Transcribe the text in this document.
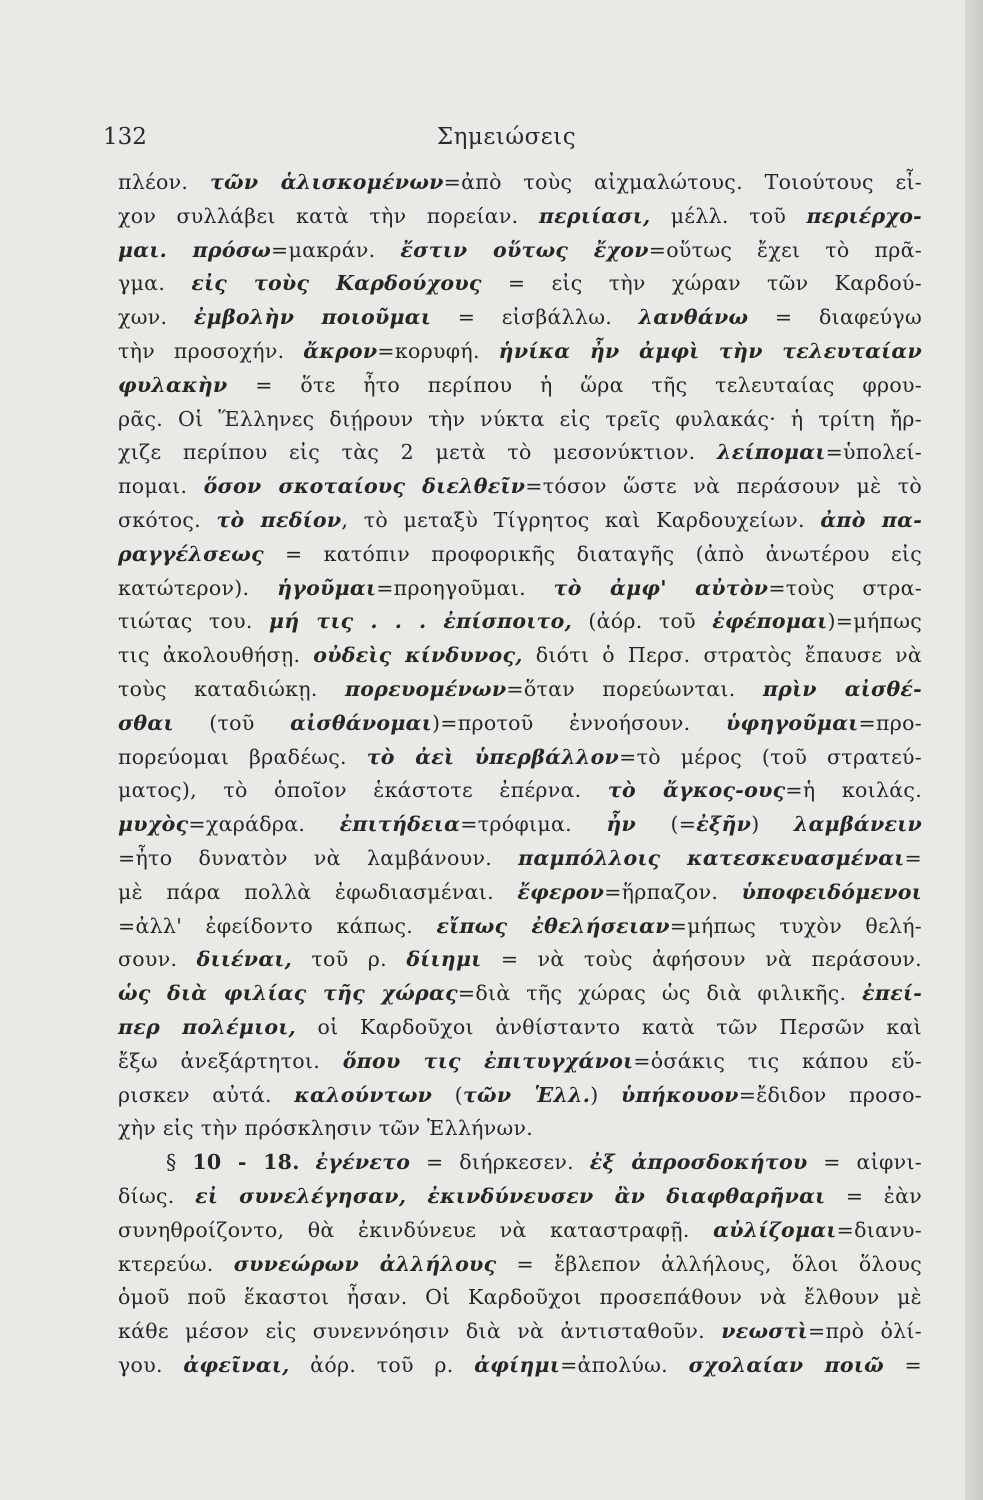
132	Σημειώσεις
πλέον. τῶν ἁλισκομένων=ἀπὸ τοὺς αἰχμαλώτους. Τοιούτους εἶ-
χον συλλάβει κατὰ τὴν πορείαν. περιίασι, μέλλ. τοῦ περιέρχο-
μαι. πρόσω=μακράν. ἔστιν οὕτως ἔχον=οὕτως ἔχει τὸ πρᾶ-
γμα. εἰς τοὺς Καρδούχους = εἰς τὴν χώραν τῶν Καρδού-
χων. ἐμβολὴν ποιοῦμαι = εἰσβάλλω. λανθάνω = διαφεύγω
τὴν προσοχήν. ἄκρον=κορυφή. ἡνίκα ἦν ἀμφὶ τὴν τελευταίαν
φυλακὴν = ὅτε ἦτο περίπου ἡ ὥρα τῆς τελευταίας φρου-
ρᾶς. Οἱ Ἕλληνες διῄρουν τὴν νύκτα εἰς τρεῖς φυλακάς· ἡ τρίτη ἤρ-
χιζε περίπου εἰς τὰς 2 μετὰ τὸ μεσονύκτιον. λείπομαι=ὑπολεί-
πομαι. ὅσον σκοταίους διελθεῖν=τόσον ὥστε νὰ περάσουν μὲ τὸ
σκότος. τὸ πεδίον, τὸ μεταξὺ Τίγρητος καὶ Καρδουχείων. ἀπὸ πα-
ραγγέλσεως = κατόπιν προφορικῆς διαταγῆς (ἀπὸ ἀνωτέρου εἰς
κατώτερον). ἡγοῦμαι=προηγοῦμαι. τὸ ἀμφ' αὐτὸν=τοὺς στρα-
τιώτας του. μή τις . . . ἐπίσποιτο, (ἀόρ. τοῦ ἐφέπομαι)=μήπως
τις ἀκολουθήσῃ. οὐδεὶς κίνδυνος, διότι ὁ Περσ. στρατὸς ἔπαυσε νὰ
τοὺς καταδιώκῃ. πορευομένων=ὅταν πορεύωνται. πρὶν αἰσθέ-
σθαι (τοῦ αἰσθάνομαι)=προτοῦ ἐννοήσουν. ὑφηγοῦμαι=προ-
πορεύομαι βραδέως. τὸ ἀεὶ ὑπερβάλλον=τὸ μέρος (τοῦ στρατεύ-
ματος), τὸ ὁποῖον ἑκάστοτε ἐπέρνα. τὸ ἄγκος-ους=ἡ κοιλάς.
μυχὸς=χαράδρα. ἐπιτήδεια=τρόφιμα. ἦν (=ἐξῆν) λαμβάνειν
=ἦτο δυνατὸν νὰ λαμβάνουν. παμπόλλοις κατεσκευασμέναι=
μὲ πάρα πολλὰ ἐφωδιασμέναι. ἔφερον=ἥρπαζον. ὑποφειδόμενοι
=ἀλλ' ἐφείδοντο κάπως. εἴπως ἐθελήσειαν=μήπως τυχὸν θελή-
σουν. διιέναι, τοῦ ρ. δίιημι = νὰ τοὺς ἀφήσουν νὰ περάσουν.
ὡς διὰ φιλίας τῆς χώρας=διὰ τῆς χώρας ὡς διὰ φιλικῆς. ἐπεί-
περ πολέμιοι, οἱ Καρδοῦχοι ἀνθίσταντο κατὰ τῶν Περσῶν καὶ
ἔξω ἀνεξάρτητοι. ὅπου τις ἐπιτυγχάνοι=ὁσάκις τις κάπου εὕ-
ρισκεν αὐτά. καλούντων (τῶν Ἑλλ.) ὑπήκουον=ἔδιδον προσο-
χὴν εἰς τὴν πρόσκλησιν τῶν Ἑλλήνων.
§ 10 - 18. ἐγένετο = διήρκεσεν. ἐξ ἀπροσδοκήτου = αἰφνι-
δίως. εἰ συνελέγησαν, ἐκινδύνευσεν ἂν διαφθαρῆναι = ἐὰν
συνηθροίζοντο, θὰ ἐκινδύνευε νὰ καταστραφῇ. αὐλίζομαι=διανυ-
κτερεύω. συνεώρων ἀλλήλους = ἔβλεπον ἀλλήλους, ὅλοι ὅλους
ὁμοῦ ποῦ ἕκαστοι ἦσαν. Οἱ Καρδοῦχοι προσεπάθουν νὰ ἔλθουν μὲ
κάθε μέσον εἰς συνεννόησιν διὰ νὰ ἀντισταθοῦν. νεωστὶ=πρὸ ὀλί-
γου. ἀφεῖναι, ἀόρ. τοῦ ρ. ἀφίημι=ἀπολύω. σχολαίαν ποιῶ =
